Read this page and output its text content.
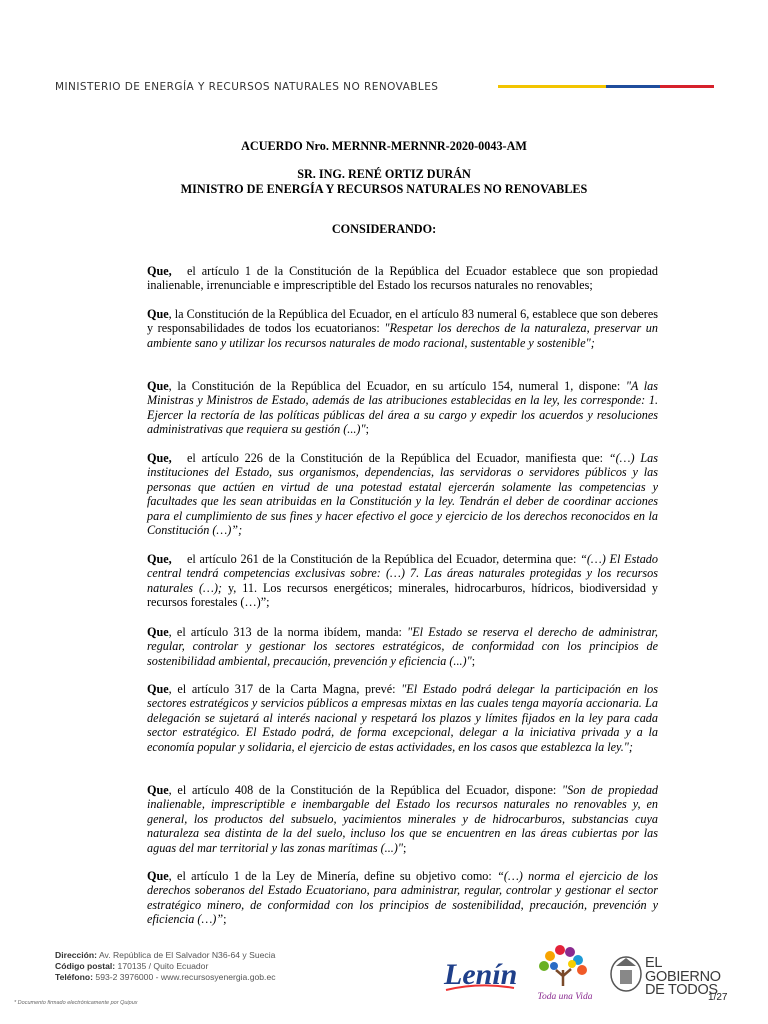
MINISTERIO DE ENERGÍA Y RECURSOS NATURALES NO RENOVABLES
ACUERDO Nro. MERNNR-MERNNR-2020-0043-AM
SR. ING. RENÉ ORTIZ DURÁN
MINISTRO DE ENERGÍA Y RECURSOS NATURALES NO RENOVABLES
CONSIDERANDO:

Que, el artículo 1 de la Constitución de la República del Ecuador establece que son propiedad inalienable, irrenunciable e imprescriptible del Estado los recursos naturales no renovables;

Que, la Constitución de la República del Ecuador, en el artículo 83 numeral 6, establece que son deberes y responsabilidades de todos los ecuatorianos: "Respetar los derechos de la naturaleza, preservar un ambiente sano y utilizar los recursos naturales de modo racional, sustentable y sostenible";

Que, la Constitución de la República del Ecuador, en su artículo 154, numeral 1, dispone: "A las Ministras y Ministros de Estado, además de las atribuciones establecidas en la ley, les corresponde: 1. Ejercer la rectoría de las políticas públicas del área a su cargo y expedir los acuerdos y resoluciones administrativas que requiera su gestión (...)";

Que, el artículo 226 de la Constitución de la República del Ecuador, manifiesta que: “(…) Las instituciones del Estado, sus organismos, dependencias, las servidoras o servidores públicos y las personas que actúen en virtud de una potestad estatal ejercerán solamente las competencias y facultades que les sean atribuidas en la Constitución y la ley. Tendrán el deber de coordinar acciones para el cumplimiento de sus fines y hacer efectivo el goce y ejercicio de los derechos reconocidos en la Constitución (…)”;

Que, el artículo 261 de la Constitución de la República del Ecuador, determina que: “(…) El Estado central tendrá competencias exclusivas sobre: (…) 7. Las áreas naturales protegidas y los recursos naturales (…); y, 11. Los recursos energéticos; minerales, hidrocarburos, hídricos, biodiversidad y recursos forestales (…)”;

Que, el artículo 313 de la norma ibídem, manda: "El Estado se reserva el derecho de administrar, regular, controlar y gestionar los sectores estratégicos, de conformidad con los principios de sostenibilidad ambiental, precaución, prevención y eficiencia (...)";

Que, el artículo 317 de la Carta Magna, prevé: "El Estado podrá delegar la participación en los sectores estratégicos y servicios públicos a empresas mixtas en las cuales tenga mayoría accionaria. La delegación se sujetará al interés nacional y respetará los plazos y límites fijados en la ley para cada sector estratégico. El Estado podrá, de forma excepcional, delegar a la iniciativa privada y a la economía popular y solidaria, el ejercicio de estas actividades, en los casos que establezca la ley.";

Que, el artículo 408 de la Constitución de la República del Ecuador, dispone: "Son de propiedad inalienable, imprescriptible e inembargable del Estado los recursos naturales no renovables y, en general, los productos del subsuelo, yacimientos minerales y de hidrocarburos, substancias cuya naturaleza sea distinta de la del suelo, incluso los que se encuentren en las áreas cubiertas por las aguas del mar territorial y las zonas marítimas (...)";

Que, el artículo 1 de la Ley de Minería, define su objetivo como: “(…) norma el ejercicio de los derechos soberanos del Estado Ecuatoriano, para administrar, regular, controlar y gestionar el sector estratégico minero, de conformidad con los principios de sostenibilidad, precaución, prevención y eficiencia (…)”;

Dirección: Av. República de El Salvador N36-64 y Suecia
Código postal: 170135 / Quito Ecuador
Teléfono: 593-2 3976000 - www.recursosyenergia.gob.ec
* Documento firmado electrónicamente por Quipux
Lenín
Toda una Vida
EL
GOBIERNO
DE TODOS
1/27
